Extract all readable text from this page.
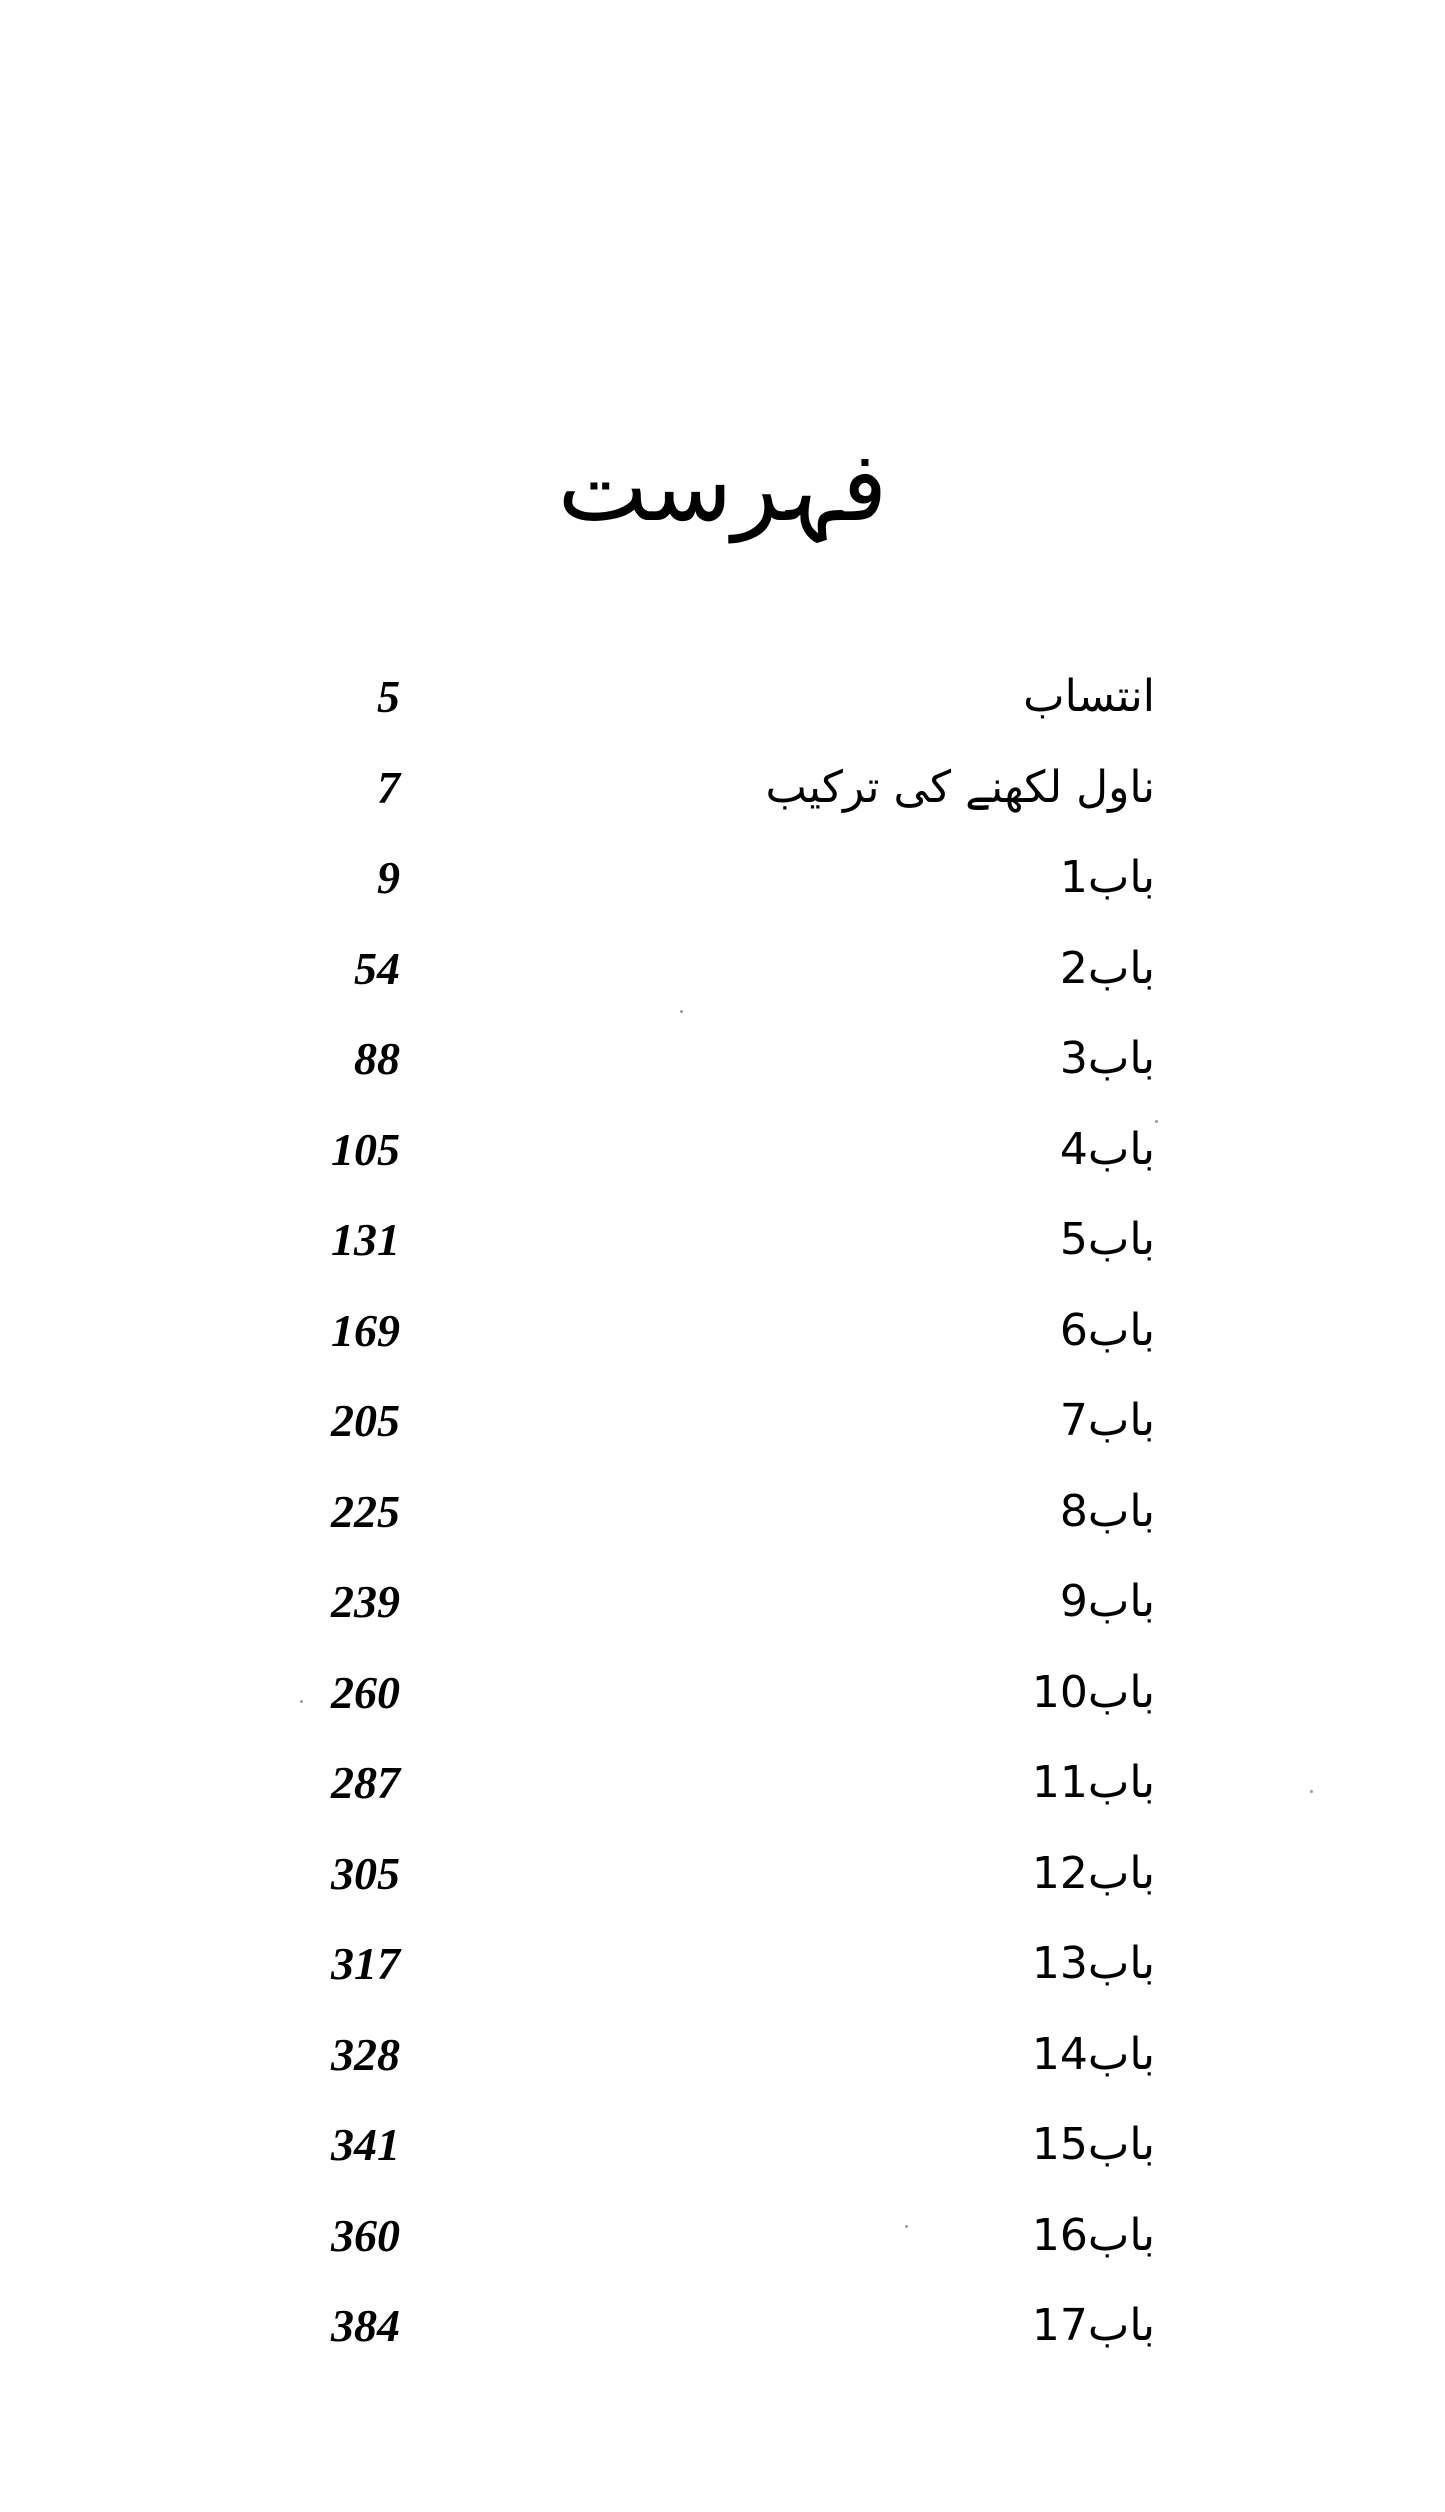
فہرست
انتساب
5
ناول لکھنے کی ترکیب
7
باب1
9
باب2
54
باب3
88
باب4
105
باب5
131
باب6
169
باب7
205
باب8
225
باب9
239
باب10
260
باب11
287
باب12
305
باب13
317
باب14
328
باب15
341
باب16
360
باب17
384
